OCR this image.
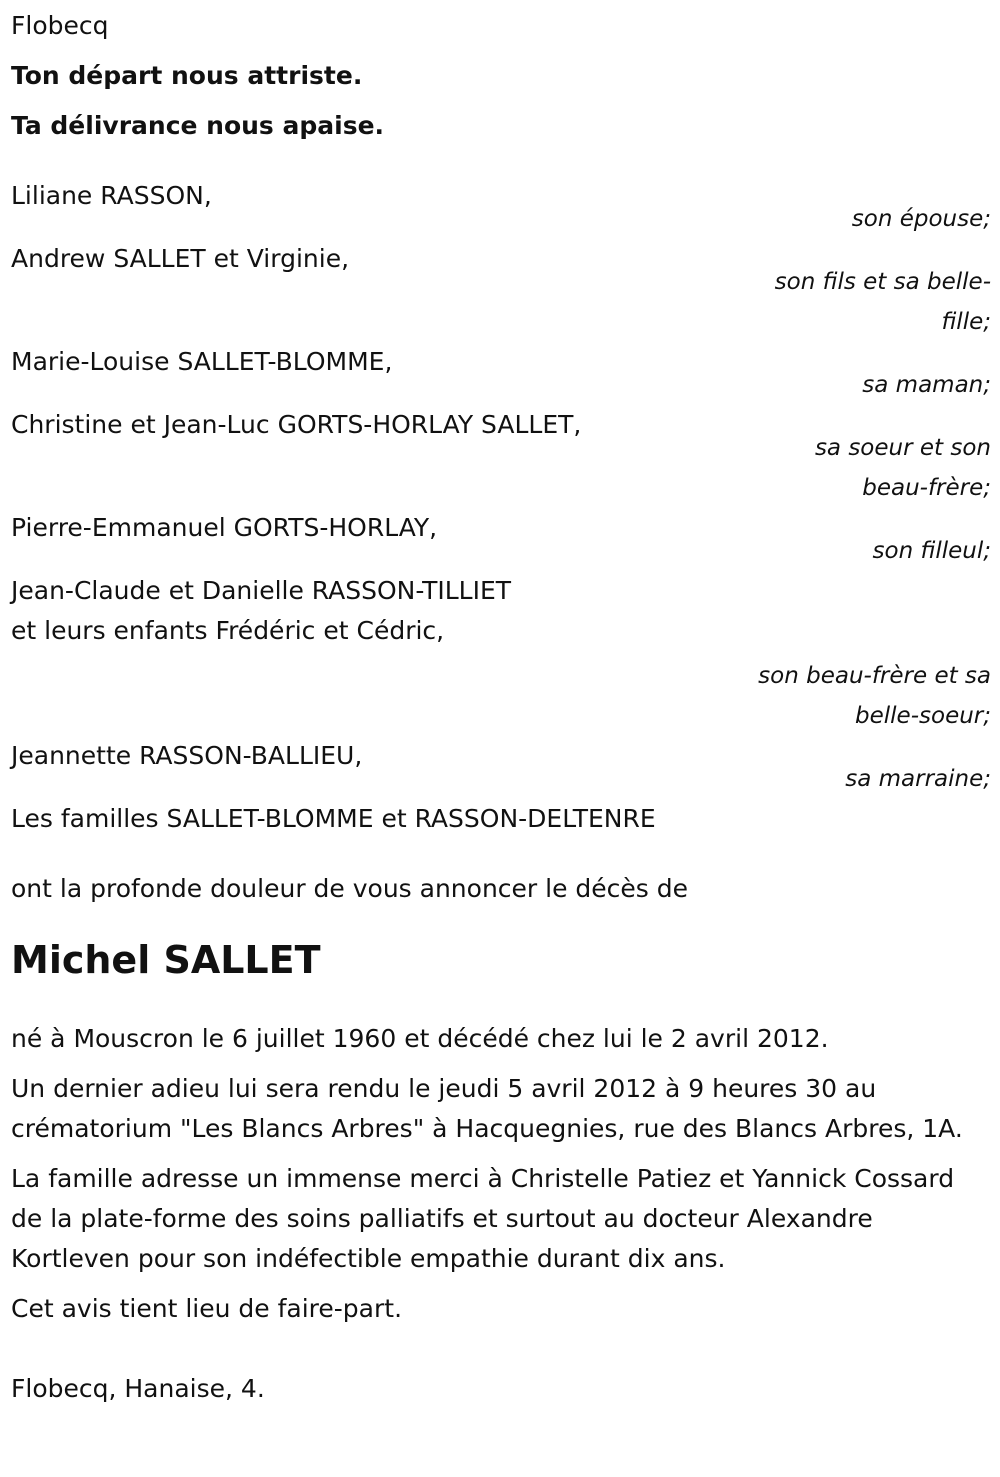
Flobecq

Ton départ nous attriste.

Ta délivrance nous apaise.

Liliane RASSON,

son épouse;

Andrew SALLET et Virginie,

son fils et sa belle-fille;

Marie-Louise SALLET-BLOMME,

sa maman;

Christine et Jean-Luc GORTS-HORLAY SALLET,

sa soeur et son beau-frère;

Pierre-Emmanuel GORTS-HORLAY,

son filleul;

Jean-Claude et Danielle RASSON-TILLIET

et leurs enfants Frédéric et Cédric,

son beau-frère et sa belle-soeur;

Jeannette RASSON-BALLIEU,

sa marraine;

Les familles SALLET-BLOMME et RASSON-DELTENRE

ont la profonde douleur de vous annoncer le décès de

Michel SALLET

né à Mouscron le 6 juillet 1960 et décédé chez lui le 2 avril 2012.

Un dernier adieu lui sera rendu le jeudi 5 avril 2012 à 9 heures 30 au crématorium "Les Blancs Arbres" à Hacquegnies, rue des Blancs Arbres, 1A.

La famille adresse un immense merci à Christelle Patiez et Yannick Cossard de la plate-forme des soins palliatifs et surtout au docteur Alexandre Kortleven pour son indéfectible empathie durant dix ans.

Cet avis tient lieu de faire-part.

Flobecq, Hanaise, 4.
